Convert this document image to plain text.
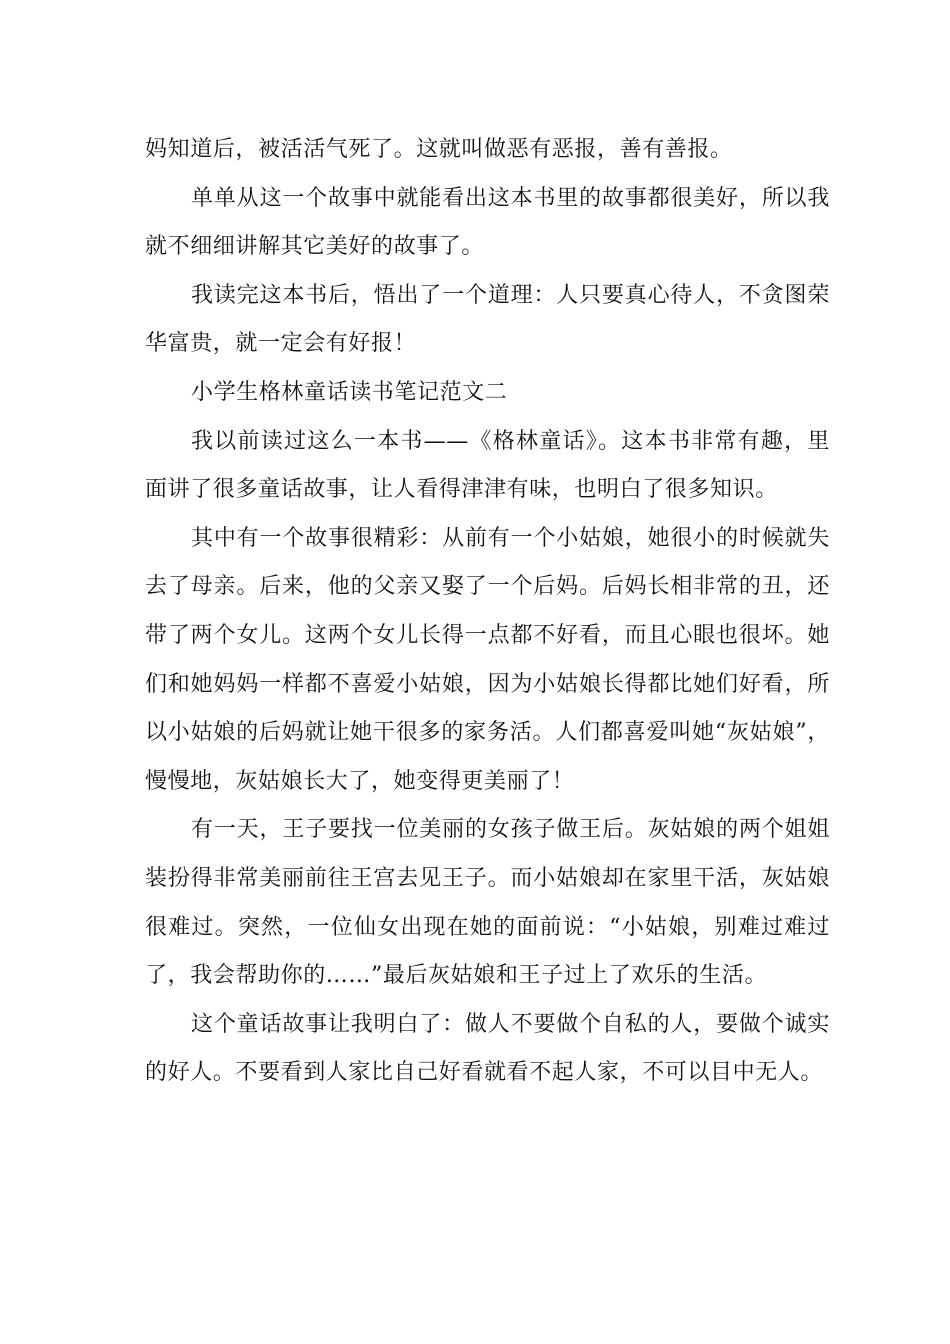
妈知道后，被活活气死了。这就叫做恶有恶报，善有善报。

单单从这一个故事中就能看出这本书里的故事都很美好，所以我就不细细讲解其它美好的故事了。

我读完这本书后，悟出了一个道理：人只要真心待人，不贪图荣华富贵，就一定会有好报！

小学生格林童话读书笔记范文二

我以前读过这么一本书——《格林童话》。这本书非常有趣，里面讲了很多童话故事，让人看得津津有味，也明白了很多知识。

其中有一个故事很精彩：从前有一个小姑娘，她很小的时候就失去了母亲。后来，他的父亲又娶了一个后妈。后妈长相非常的丑，还带了两个女儿。这两个女儿长得一点都不好看，而且心眼也很坏。她们和她妈妈一样都不喜爱小姑娘，因为小姑娘长得都比她们好看，所以小姑娘的后妈就让她干很多的家务活。人们都喜爱叫她“灰姑娘”，慢慢地，灰姑娘长大了，她变得更美丽了！

有一天，王子要找一位美丽的女孩子做王后。灰姑娘的两个姐姐装扮得非常美丽前往王宫去见王子。而小姑娘却在家里干活，灰姑娘很难过。突然，一位仙女出现在她的面前说：“小姑娘，别难过难过了，我会帮助你的……”最后灰姑娘和王子过上了欢乐的生活。

这个童话故事让我明白了：做人不要做个自私的人，要做个诚实的好人。不要看到人家比自己好看就看不起人家，不可以目中无人。
